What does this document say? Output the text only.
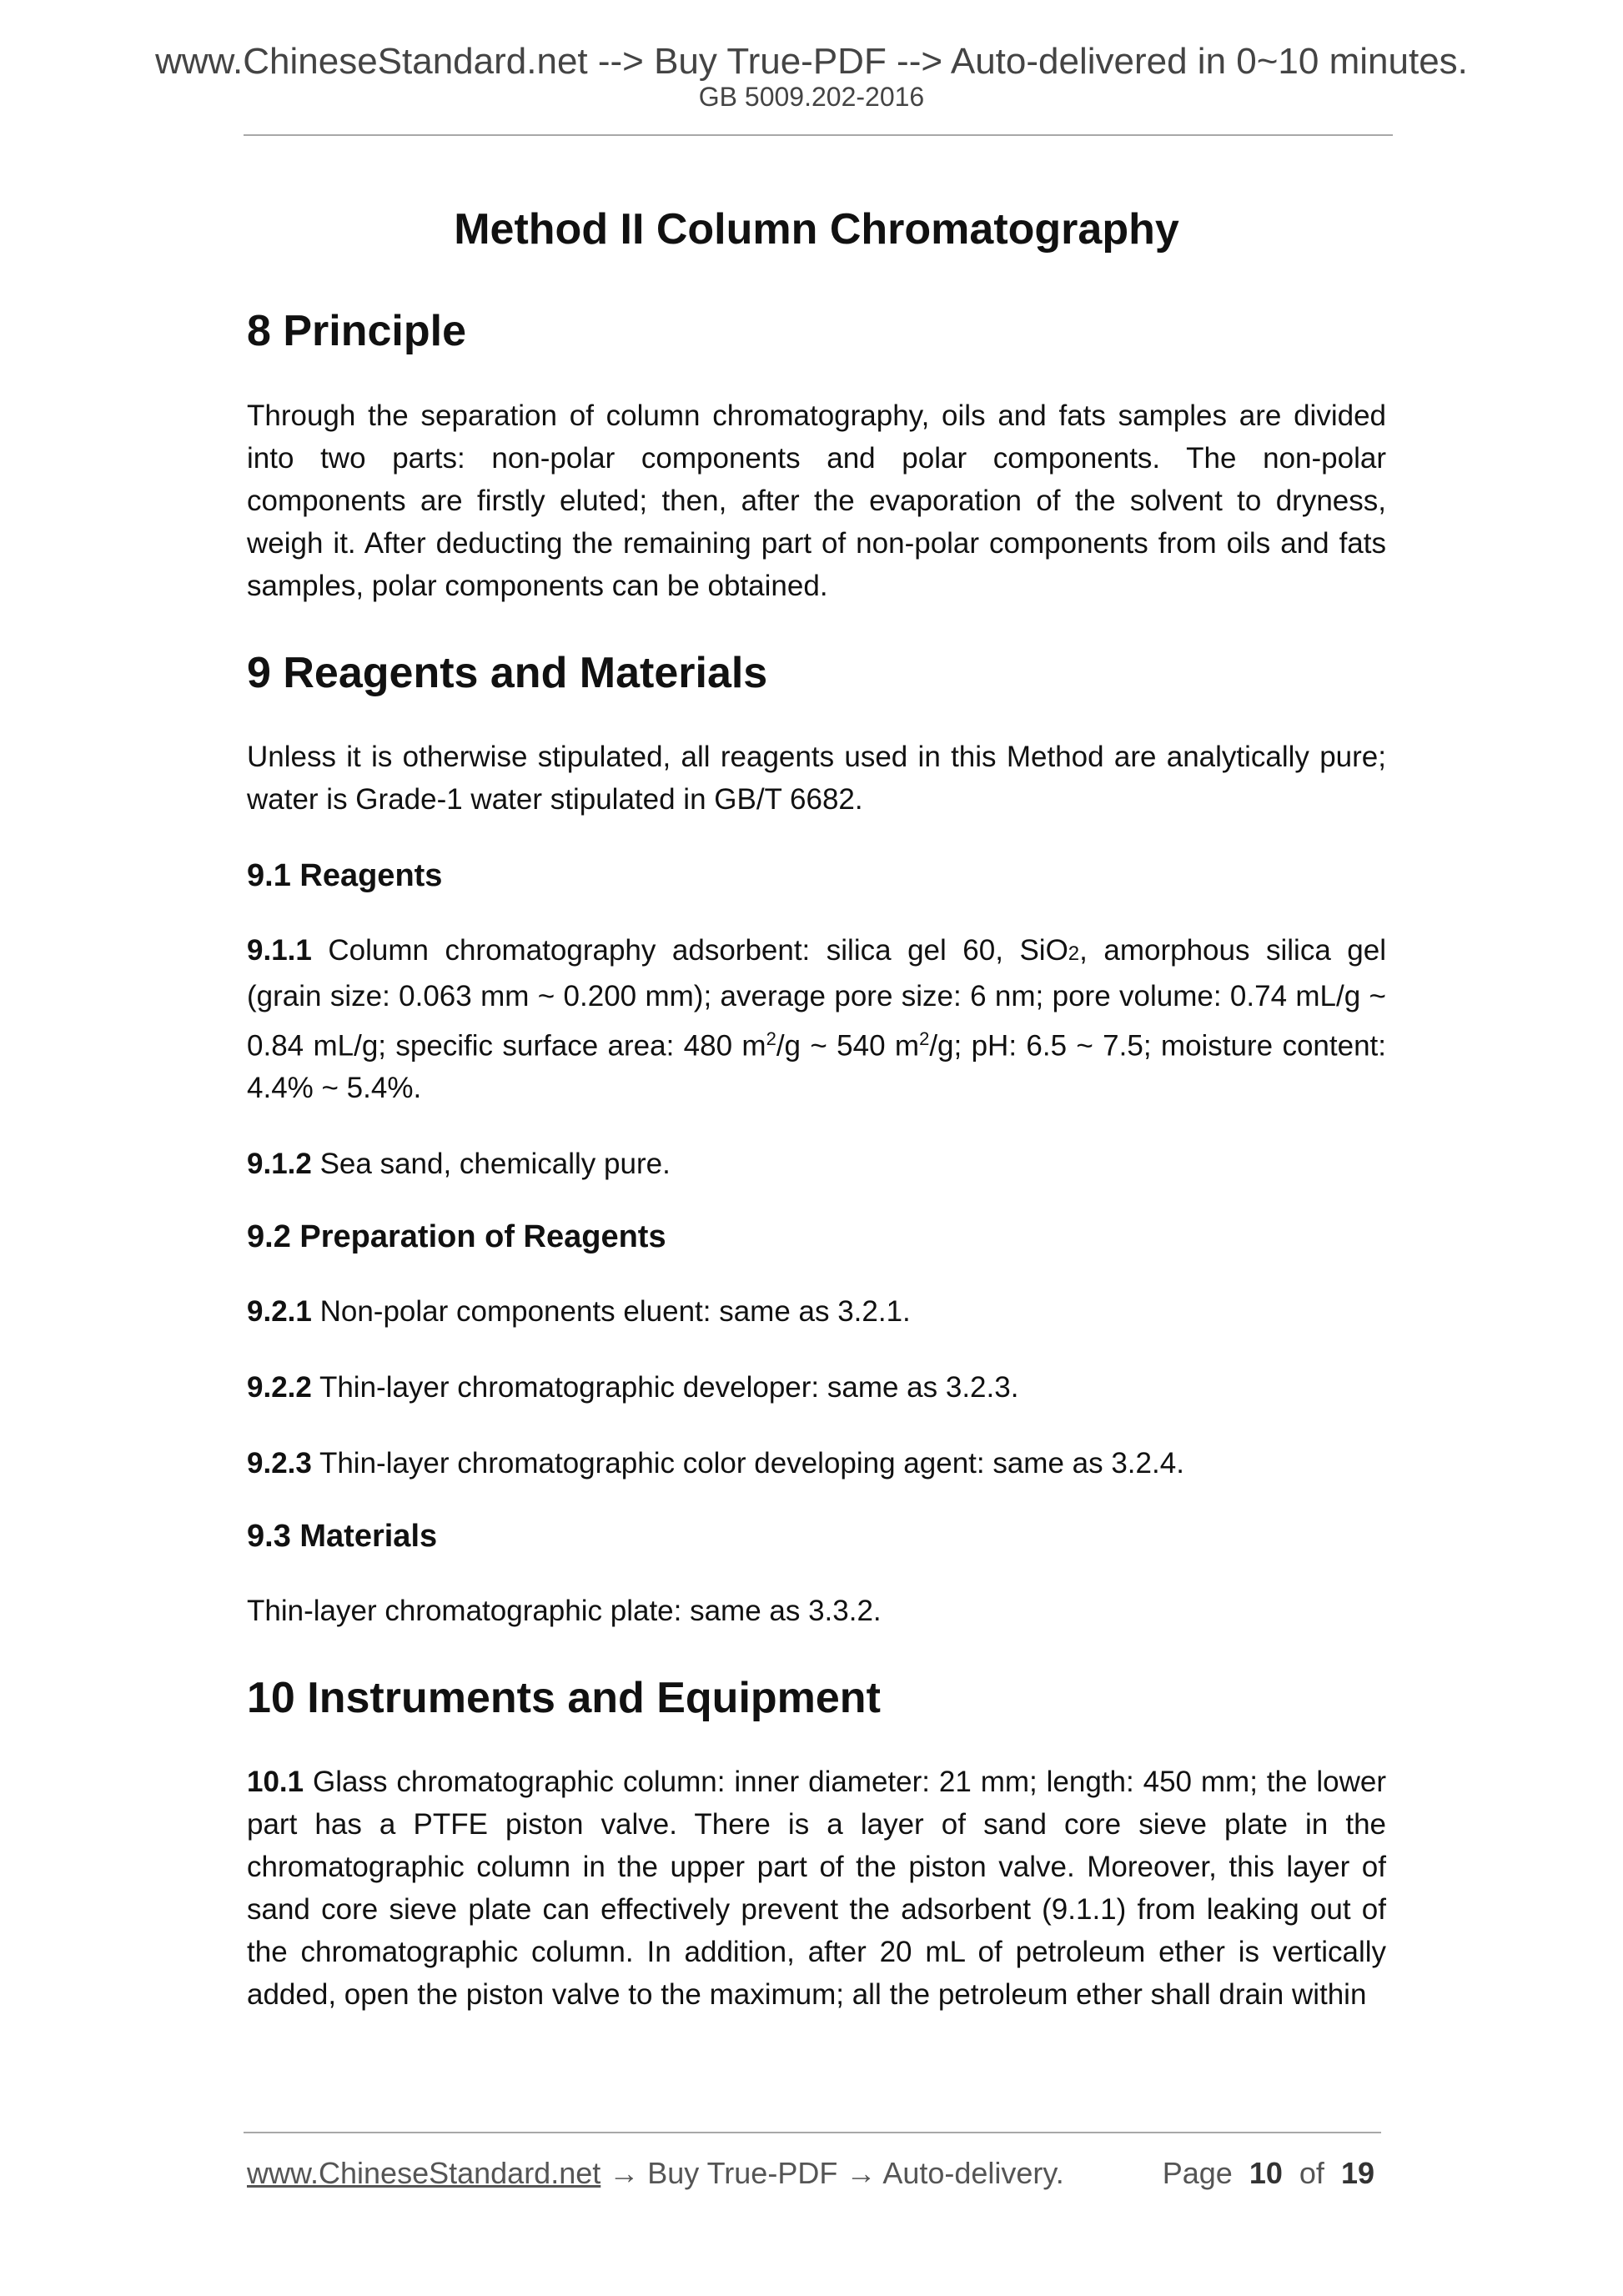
www.ChineseStandard.net --> Buy True-PDF --> Auto-delivered in 0~10 minutes.
GB 5009.202-2016
Method II Column Chromatography
8 Principle

Through the separation of column chromatography, oils and fats samples are divided into two parts: non-polar components and polar components. The non-polar components are firstly eluted; then, after the evaporation of the solvent to dryness, weigh it. After deducting the remaining part of non-polar components from oils and fats samples, polar components can be obtained.

9 Reagents and Materials

Unless it is otherwise stipulated, all reagents used in this Method are analytically pure; water is Grade-1 water stipulated in GB/T 6682.

9.1 Reagents

9.1.1 Column chromatography adsorbent: silica gel 60, SiO2, amorphous silica gel (grain size: 0.063 mm ~ 0.200 mm); average pore size: 6 nm; pore volume: 0.74 mL/g ~ 0.84 mL/g; specific surface area: 480 $m^2/g$ ~ 540 $m^2/g$; pH: 6.5 ~ 7.5; moisture content: 4.4% ~ 5.4%.

9.1.2 Sea sand, chemically pure.

9.2 Preparation of Reagents

9.2.1 Non-polar components eluent: same as 3.2.1.

9.2.2 Thin-layer chromatographic developer: same as 3.2.3.

9.2.3 Thin-layer chromatographic color developing agent: same as 3.2.4.

9.3 Materials

Thin-layer chromatographic plate: same as 3.3.2.

10 Instruments and Equipment

10.1 Glass chromatographic column: inner diameter: 21 mm; length: 450 mm; the lower part has a PTFE piston valve. There is a layer of sand core sieve plate in the chromatographic column in the upper part of the piston valve. Moreover, this layer of sand core sieve plate can effectively prevent the adsorbent (9.1.1) from leaking out of the chromatographic column. In addition, after 20 mL of petroleum ether is vertically added, open the piston valve to the maximum; all the petroleum ether shall drain within

www.ChineseStandard.net → Buy True-PDF → Auto-delivery.	Page 10 of 19
